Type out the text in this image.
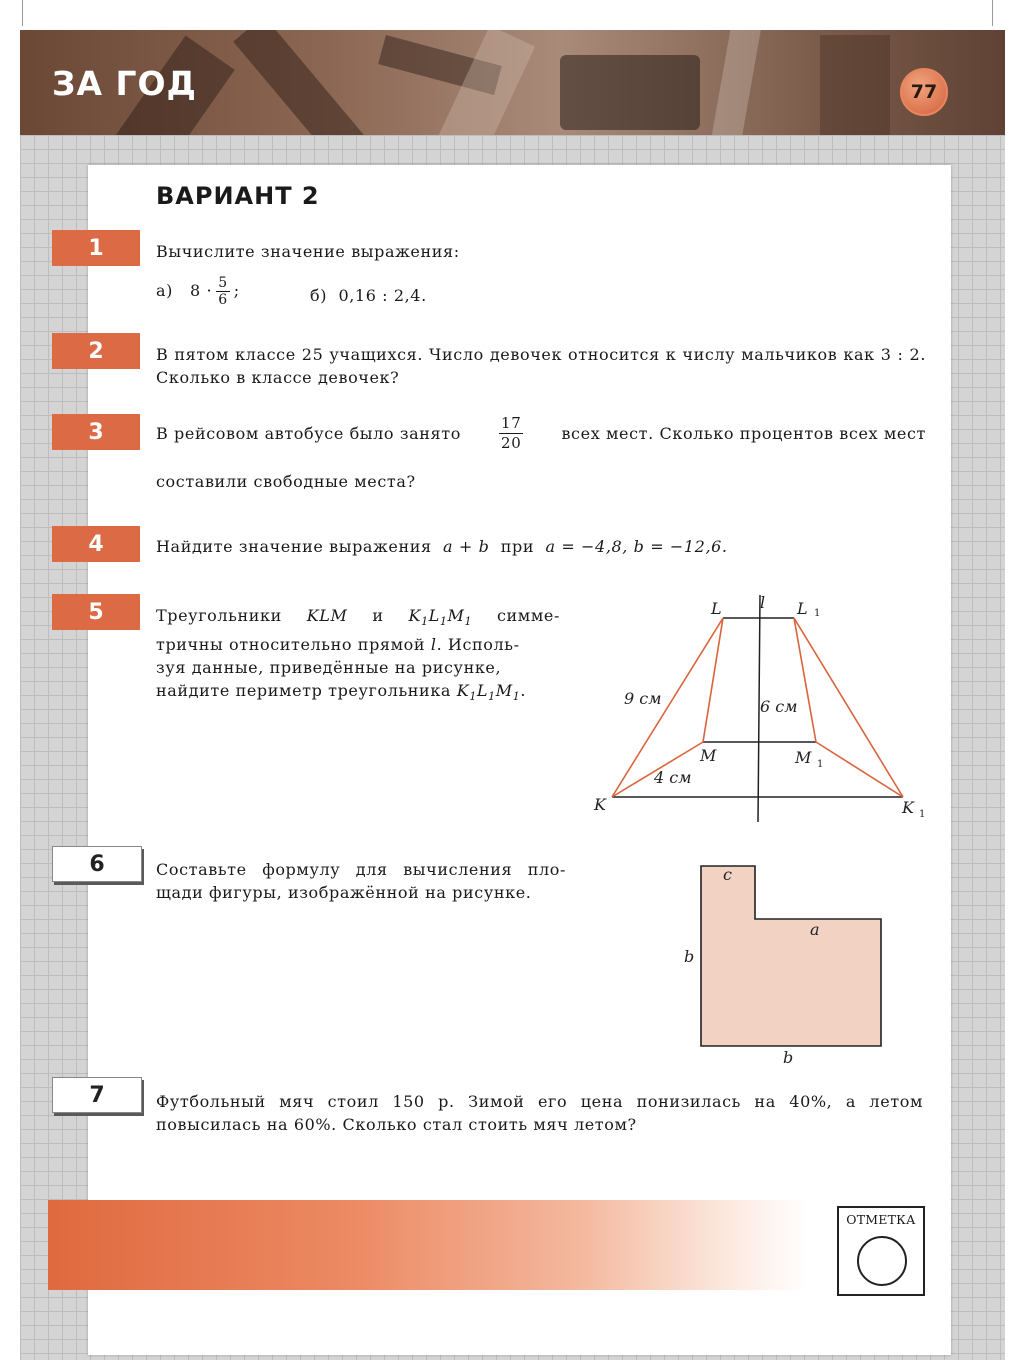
ЗА ГОД	77
ВАРИАНТ 2
1	Вычислите значение выражения:
а) $8 \cdot \frac{5}{6}$ ;	б) 0,16 : 2,4.
2	В пятом классе 25 учащихся. Число девочек относится к числу мальчиков как 3 : 2. Сколько в классе девочек?
3	В рейсовом автобусе было занято	$\frac{17}{20}$ всех мест. Сколько процентов всех мест
составили свободные места?
4	Найдите значение выражения a + b при a = −4,8, b = −12,6.
5	Треугольники KLM и $K_1L_1M_1$ симме-
тричны относительно прямой l. Исполь-
зуя данные, приведённые на рисунке,
найдите периметр треугольника $K_1L_1M_1$.
L l L 1
M	M 1
K	K 1
9 см	6 см
4 см
6	Составьте формулу для вычисления пло-щади фигуры, изображённой на рисунке.
c
a
b
b
7	Футбольный мяч стоил 150 р. Зимой его цена понизилась на 40%, а летом повысилась на 60%. Сколько стал стоить мяч летом?
ОТМЕТКА
